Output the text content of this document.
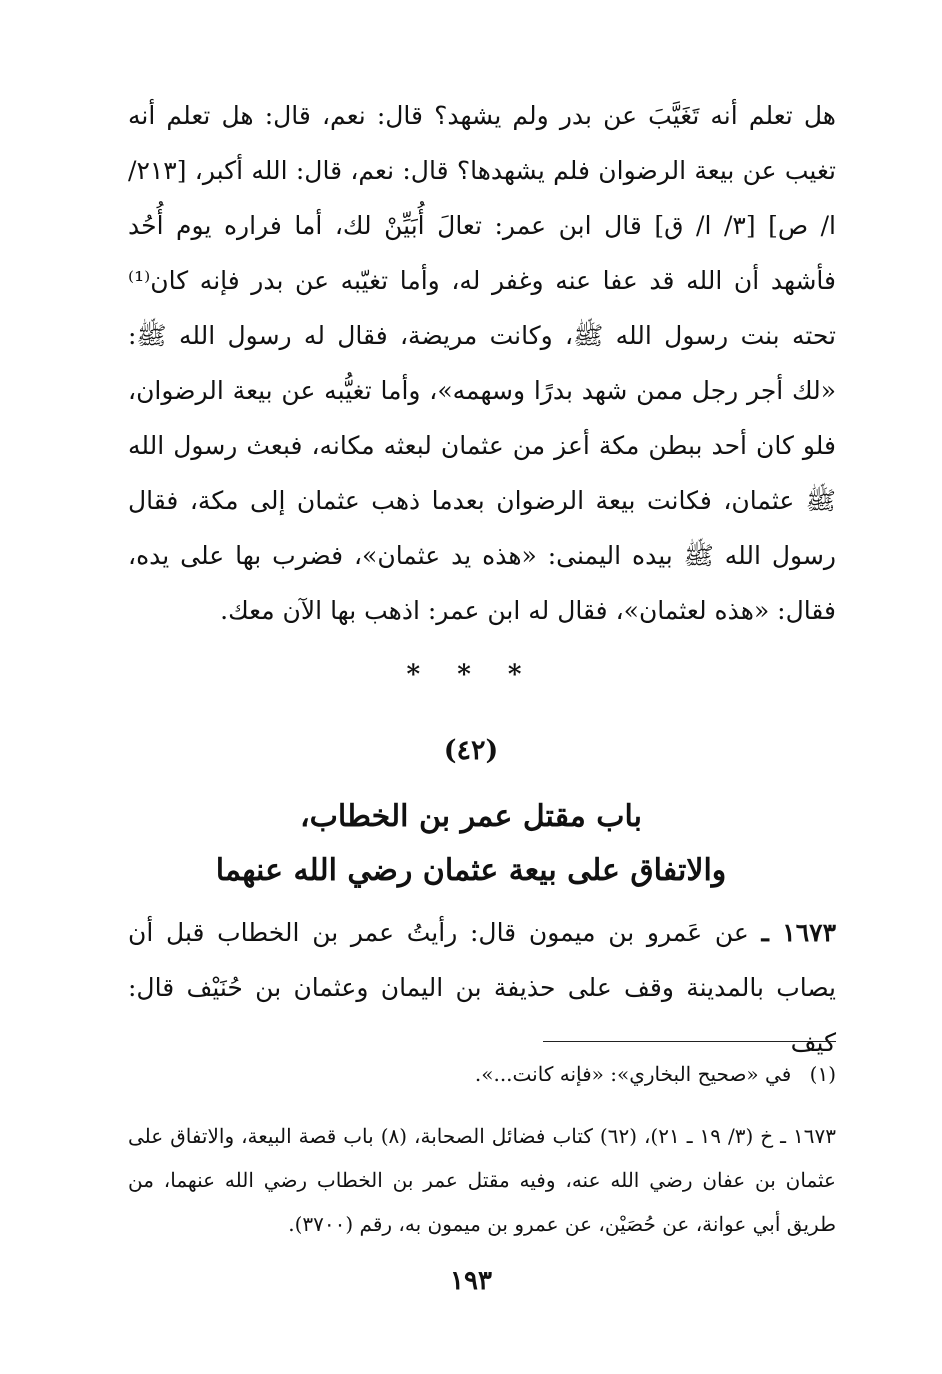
هل تعلم أنه تَغَيَّبَ عن بدر ولم يشهد؟ قال: نعم، قال: هل تعلم أنه تغيب عن بيعة الرضوان فلم يشهدها؟ قال: نعم، قال: الله أكبر، [٢١٣/ ا/ ص] [٣/ ا/ ق] قال ابن عمر: تعالَ أُبَيِّنْ لك، أما فراره يوم أُحُد فأشهد أن الله قد عفا عنه وغفر له، وأما تغيّبه عن بدر فإنه كان⁽¹⁾ تحته بنت رسول الله ﷺ، وكانت مريضة، فقال له رسول الله ﷺ: «لك أجر رجل ممن شهد بدرًا وسهمه»، وأما تغيُّبه عن بيعة الرضوان، فلو كان أحد ببطن مكة أعز من عثمان لبعثه مكانه، فبعث رسول الله ﷺ عثمان، فكانت بيعة الرضوان بعدما ذهب عثمان إلى مكة، فقال رسول الله ﷺ بيده اليمنى: «هذه يد عثمان»، فضرب بها على يده، فقال: «هذه لعثمان»، فقال له ابن عمر: اذهب بها الآن معك.
* * *
(٤٢)
باب مقتل عمر بن الخطاب،
والاتفاق على بيعة عثمان رضي الله عنهما
١٦٧٣ ـ عن عَمرو بن ميمون قال: رأيتُ عمر بن الخطاب قبل أن يصاب بالمدينة وقف على حذيفة بن اليمان وعثمان بن حُنَيْف قال: كيف
(١) في «صحيح البخاري»: «فإنه كانت...».
١٦٧٣ ـ خ (٣/ ١٩ ـ ٢١)، (٦٢) كتاب فضائل الصحابة، (٨) باب قصة البيعة، والاتفاق على عثمان بن عفان رضي الله عنه، وفيه مقتل عمر بن الخطاب رضي الله عنهما، من طريق أبي عوانة، عن حُصَيْن، عن عمرو بن ميمون به، رقم (٣٧٠٠).
١٩٣
